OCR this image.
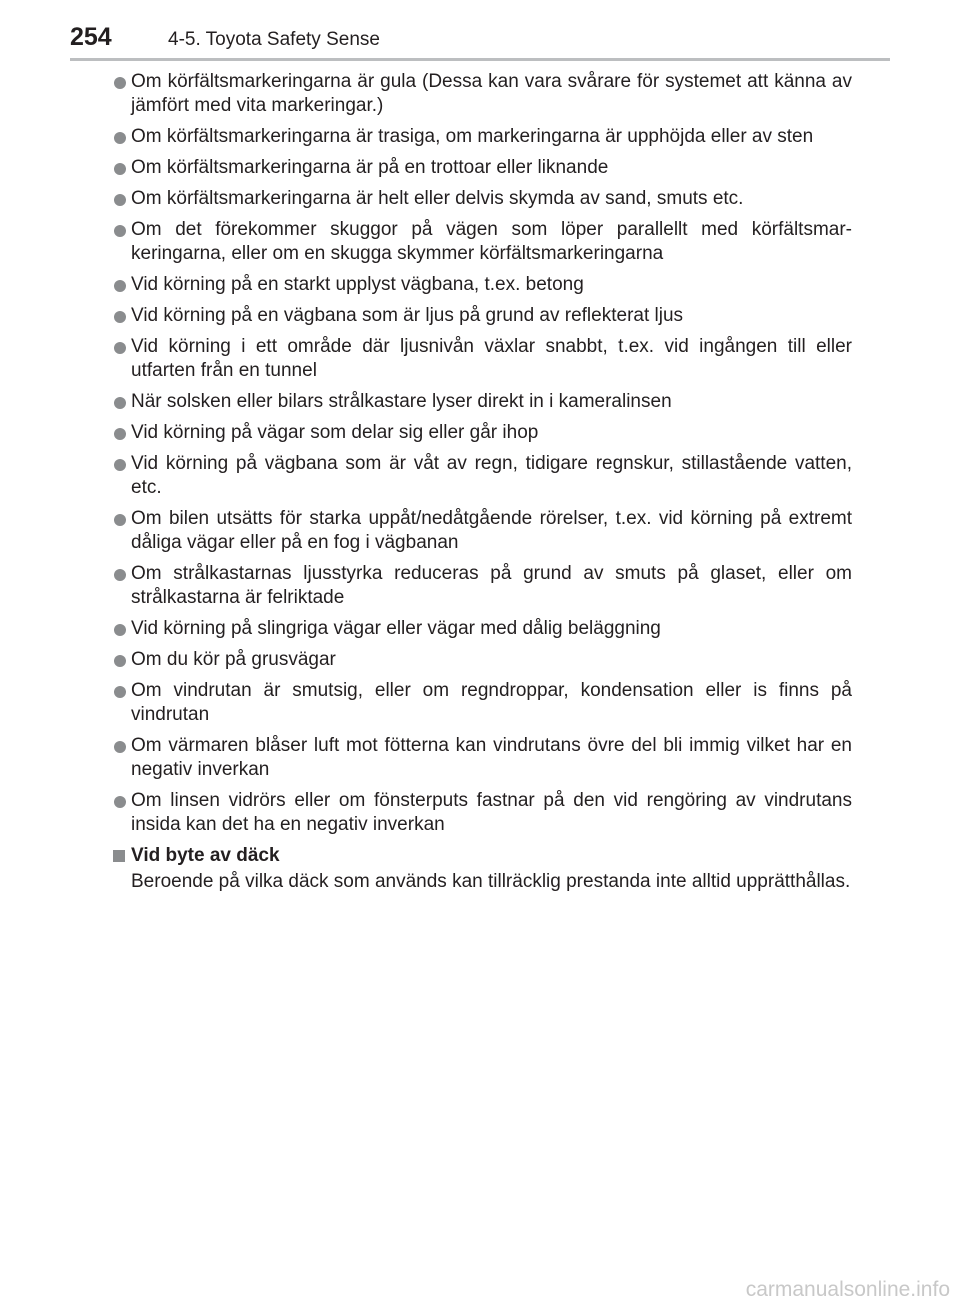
254	4-5. Toyota Safety Sense
Om körfältsmarkeringarna är gula (Dessa kan vara svårare för systemet att känna av jämfört med vita markeringar.)
Om körfältsmarkeringarna är trasiga, om markeringarna är upphöjda eller av sten
Om körfältsmarkeringarna är på en trottoar eller liknande
Om körfältsmarkeringarna är helt eller delvis skymda av sand, smuts etc.
Om det förekommer skuggor på vägen som löper parallellt med körfältsmarkeringarna, eller om en skugga skymmer körfältsmarkeringarna
Vid körning på en starkt upplyst vägbana, t.ex. betong
Vid körning på en vägbana som är ljus på grund av reflekterat ljus
Vid körning i ett område där ljusnivån växlar snabbt, t.ex. vid ingången till eller utfarten från en tunnel
När solsken eller bilars strålkastare lyser direkt in i kameralinsen
Vid körning på vägar som delar sig eller går ihop
Vid körning på vägbana som är våt av regn, tidigare regnskur, stillastående vatten, etc.
Om bilen utsätts för starka uppåt/nedåtgående rörelser, t.ex. vid körning på extremt dåliga vägar eller på en fog i vägbanan
Om strålkastarnas ljusstyrka reduceras på grund av smuts på glaset, eller om strålkastarna är felriktade
Vid körning på slingriga vägar eller vägar med dålig beläggning
Om du kör på grusvägar
Om vindrutan är smutsig, eller om regndroppar, kondensation eller is finns på vindrutan
Om värmaren blåser luft mot fötterna kan vindrutans övre del bli immig vilket har en negativ inverkan
Om linsen vidrörs eller om fönsterputs fastnar på den vid rengöring av vindrutans insida kan det ha en negativ inverkan
Vid byte av däck
Beroende på vilka däck som används kan tillräcklig prestanda inte alltid upprätthållas.
carmanualsonline.info
